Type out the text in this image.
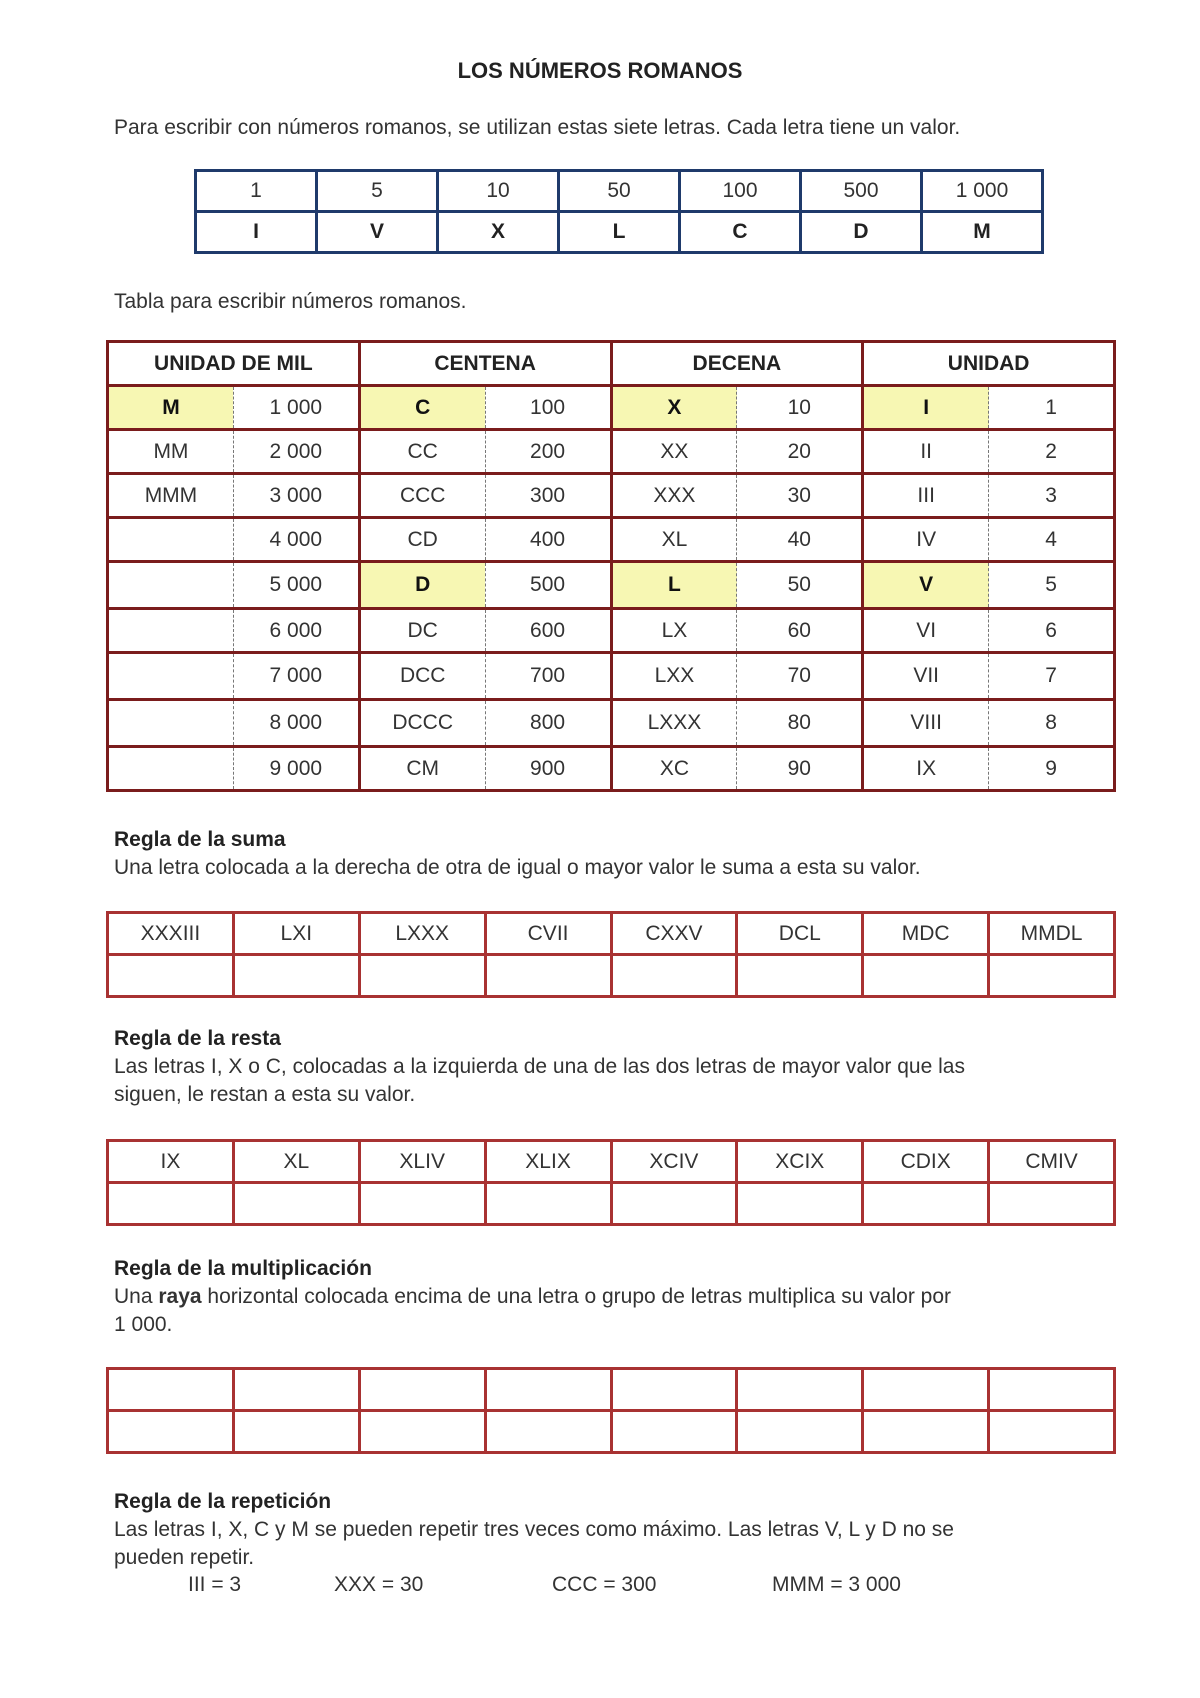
LOS NÚMEROS ROMANOS
Para escribir con números romanos, se utilizan estas siete letras. Cada letra tiene un valor.
1	5	10	50	100	500	1 000
I	V	X	L	C	D	M
Tabla para escribir números romanos.
UNIDAD DE MIL		CENTENA		DECENA		UNIDAD	
M	1 000	C	100	X	10	I	1
MM	2 000	CC	200	XX	20	II	2
MMM	3 000	CCC	300	XXX	30	III	3
	4 000	CD	400	XL	40	IV	4
	5 000	D	500	L	50	V	5
	6 000	DC	600	LX	60	VI	6
	7 000	DCC	700	LXX	70	VII	7
	8 000	DCCC	800	LXXX	80	VIII	8
	9 000	CM	900	XC	90	IX	9
Regla de la suma
Una letra colocada a la derecha de otra de igual o mayor valor le suma a esta su valor.
XXXIII	LXI	LXXX	CVII	CXXV	DCL	MDC	MMDL

Regla de la resta
Las letras I, X o C, colocadas a la izquierda de una de las dos letras de mayor valor que las
siguen, le restan a esta su valor.
IX	XL	XLIV	XLIX	XCIV	XCIX	CDIX	CMIV

Regla de la multiplicación
Una raya horizontal colocada encima de una letra o grupo de letras multiplica su valor por
1 000.

Regla de la repetición
Las letras I, X, C y M se pueden repetir tres veces como máximo. Las letras V, L y D no se
pueden repetir.
III = 3	XXX = 30	CCC = 300	MMM = 3 000
